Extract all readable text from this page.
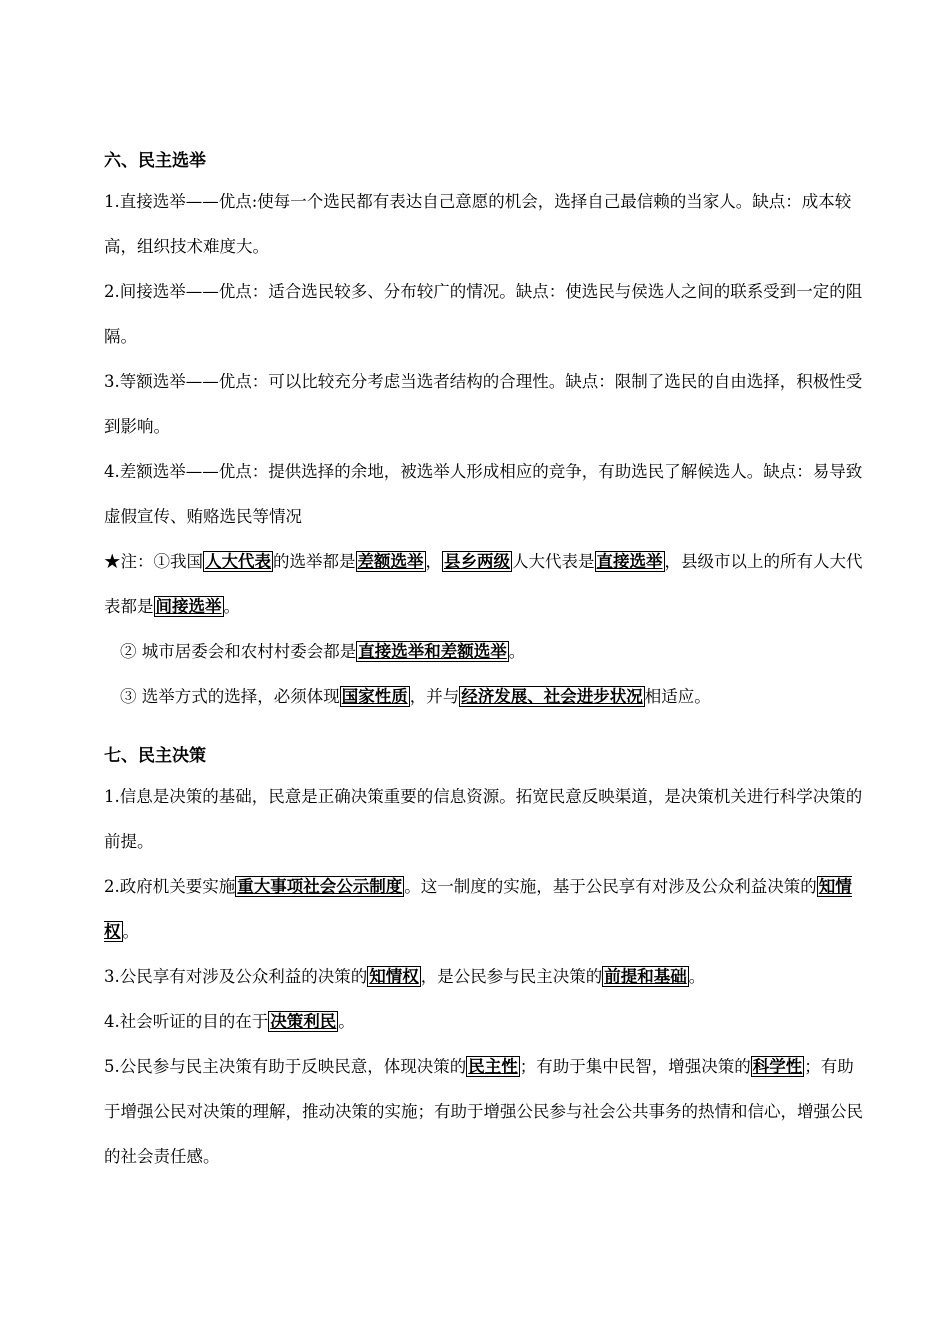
六、民主选举

1.直接选举——优点:使每一个选民都有表达自己意愿的机会，选择自己最信赖的当家人。缺点：成本较高，组织技术难度大。

2.间接选举——优点：适合选民较多、分布较广的情况。缺点：使选民与侯选人之间的联系受到一定的阻隔。

3.等额选举——优点：可以比较充分考虑当选者结构的合理性。缺点：限制了选民的自由选择，积极性受到影响。

4.差额选举——优点：提供选择的余地，被选举人形成相应的竞争，有助选民了解候选人。缺点：易导致虚假宣传、贿赂选民等情况

★注：①我国 人大代表 的选举都是 差额选举 ， 县乡两级 人大代表是 直接选举 ，县级市以上的所有人大代表都是 间接选举 。

② 城市居委会和农村村委会都是 直接选举和差额选举 。

③ 选举方式的选择，必须体现 国家性质 ，并与 经济发展、社会进步状况 相适应。

七、民主决策

1.信息是决策的基础，民意是正确决策重要的信息资源。拓宽民意反映渠道，是决策机关进行科学决策的前提。

2.政府机关要实施 重大事项社会公示制度 。这一制度的实施，基于公民享有对涉及公众利益决策的 知情权 。

3.公民享有对涉及公众利益的决策的 知情权 ，是公民参与民主决策的 前提和基础 。

4.社会听证的目的在于 决策利民 。

5.公民参与民主决策有助于反映民意，体现决策的 民主性 ；有助于集中民智，增强决策的 科学性 ；有助于增强公民对决策的理解，推动决策的实施；有助于增强公民参与社会公共事务的热情和信心，增强公民的社会责任感。
